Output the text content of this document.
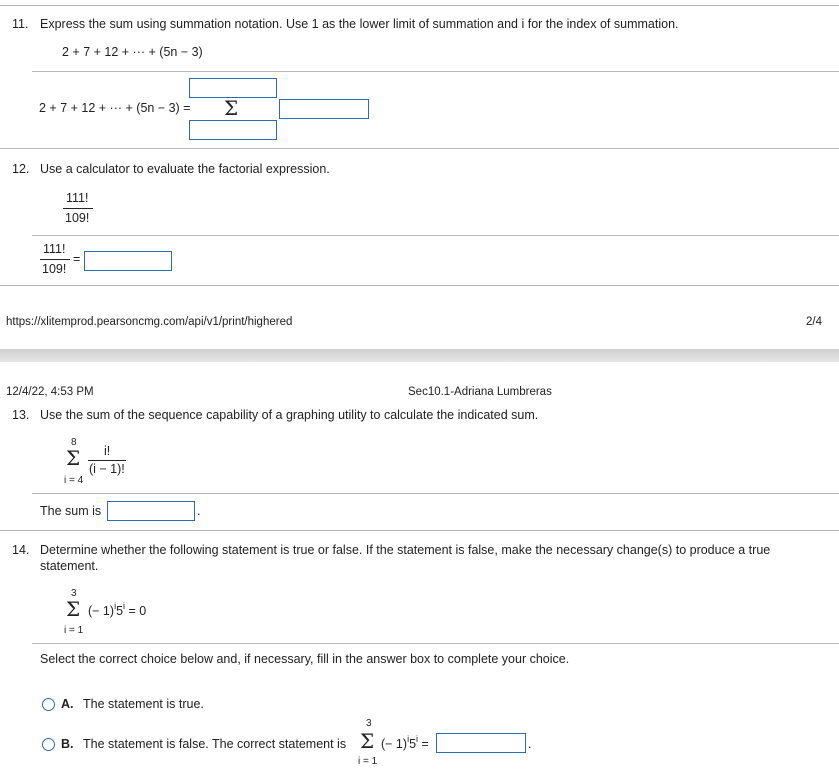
11. Express the sum using summation notation. Use 1 as the lower limit of summation and i for the index of summation.
2 + 7 + 12 + ··· + (5n − 3)
2 + 7 + 12 + ··· + (5n − 3) = Σ
12. Use a calculator to evaluate the factorial expression.
111!
109!
111!
109!
=
https://xlitemprod.pearsoncmg.com/api/v1/print/highered	2/4
12/4/22, 4:53 PM	Sec10.1-Adriana Lumbreras
13. Use the sum of the sequence capability of a graphing utility to calculate the indicated sum.
8
Σ
i = 4
i!
(i − 1)!
The sum is	.
14. Determine whether the following statement is true or false. If the statement is false, make the necessary change(s) to produce a true
statement.
3
Σ
i = 1
(− $1)^i5^i = 0$
Select the correct choice below and, if necessary, fill in the answer box to complete your choice.
A. The statement is true.
B. The statement is false. The correct statement is
3
Σ
i = 1
(− $1)^i5^i$ =	.
